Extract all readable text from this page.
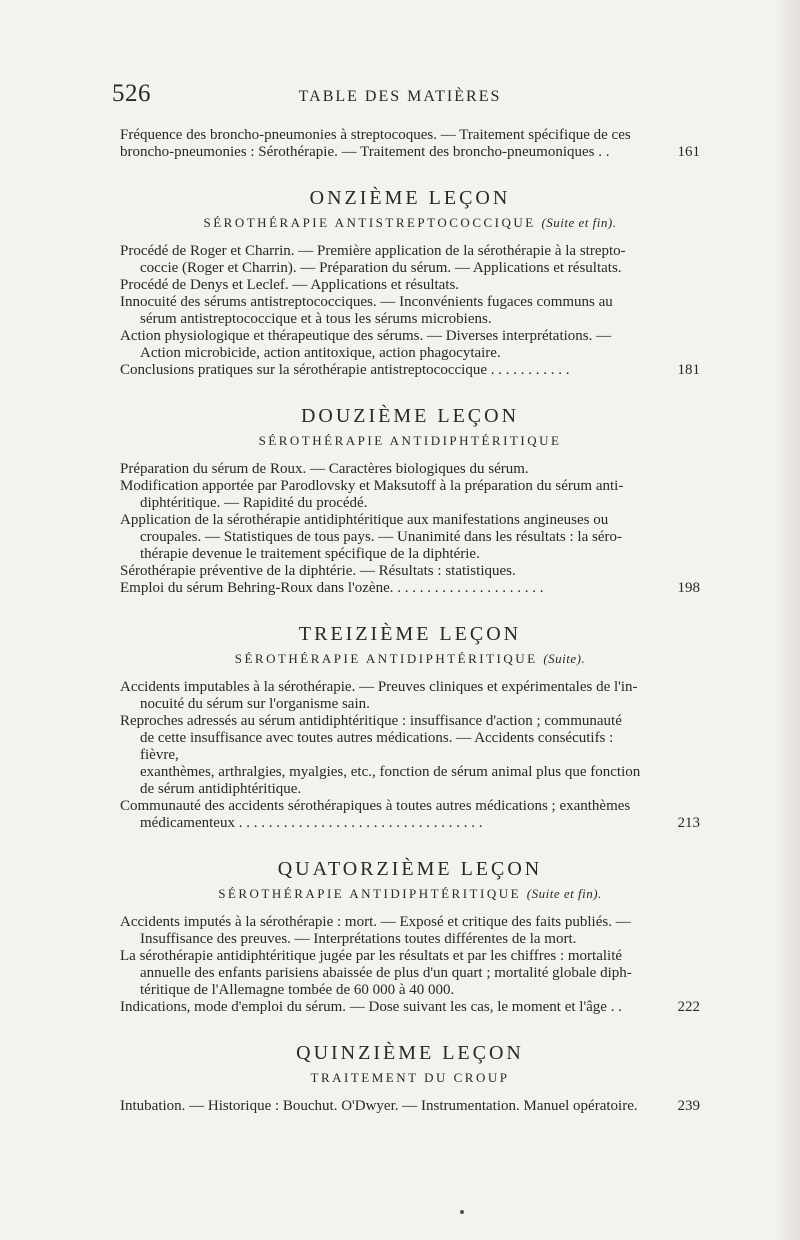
526	TABLE DES MATIÈRES

Fréquence des broncho-pneumonies à streptocoques. — Traitement spécifique de ces

broncho-pneumonies : Sérothérapie. — Traitement des broncho-pneumoniques . .	161
ONZIÈME LEÇON
SÉROTHÉRAPIE ANTISTREPTOCOCCIQUE (Suite et fin).

Procédé de Roger et Charrin. — Première application de la sérothérapie à la strepto-

coccie (Roger et Charrin). — Préparation du sérum. — Applications et résultats.

Procédé de Denys et Leclef. — Applications et résultats.

Innocuité des sérums antistreptococciques. — Inconvénients fugaces communs au

sérum antistreptococcique et à tous les sérums microbiens.

Action physiologique et thérapeutique des sérums. — Diverses interprétations. —

Action microbicide, action antitoxique, action phagocytaire.

Conclusions pratiques sur la sérothérapie antistreptococcique . . . . . . . . . . .	181
DOUZIÈME LEÇON
SÉROTHÉRAPIE ANTIDIPHTÉRITIQUE

Préparation du sérum de Roux. — Caractères biologiques du sérum.

Modification apportée par Parodlovsky et Maksutoff à la préparation du sérum anti-

diphtéritique. — Rapidité du procédé.

Application de la sérothérapie antidiphtéritique aux manifestations angineuses ou

croupales. — Statistiques de tous pays. — Unanimité dans les résultats : la séro-

thérapie devenue le traitement spécifique de la diphtérie.

Sérothérapie préventive de la diphtérie. — Résultats : statistiques.

Emploi du sérum Behring-Roux dans l'ozène. . . . . . . . . . . . . . . . . . . . .	198
TREIZIÈME LEÇON
SÉROTHÉRAPIE ANTIDIPHTÉRITIQUE (Suite).

Accidents imputables à la sérothérapie. — Preuves cliniques et expérimentales de l'in-

nocuité du sérum sur l'organisme sain.

Reproches adressés au sérum antidiphtéritique : insuffisance d'action ; communauté

de cette insuffisance avec toutes autres médications. — Accidents consécutifs : fièvre,

exanthèmes, arthralgies, myalgies, etc., fonction de sérum animal plus que fonction

de sérum antidiphtéritique.

Communauté des accidents sérothérapiques à toutes autres médications ; exanthèmes

médicamenteux . . . . . . . . . . . . . . . . . . . . . . . . . . . . . . . . .	213
QUATORZIÈME LEÇON
SÉROTHÉRAPIE ANTIDIPHTÉRITIQUE (Suite et fin).

Accidents imputés à la sérothérapie : mort. — Exposé et critique des faits publiés. —

Insuffisance des preuves. — Interprétations toutes différentes de la mort.

La sérothérapie antidiphtéritique jugée par les résultats et par les chiffres : mortalité

annuelle des enfants parisiens abaissée de plus d'un quart ; mortalité globale diph-

téritique de l'Allemagne tombée de 60 000 à 40 000.

Indications, mode d'emploi du sérum. — Dose suivant les cas, le moment et l'âge . .	222
QUINZIÈME LEÇON
TRAITEMENT DU CROUP

Intubation. — Historique : Bouchut. O'Dwyer. — Instrumentation. Manuel opératoire.	239
